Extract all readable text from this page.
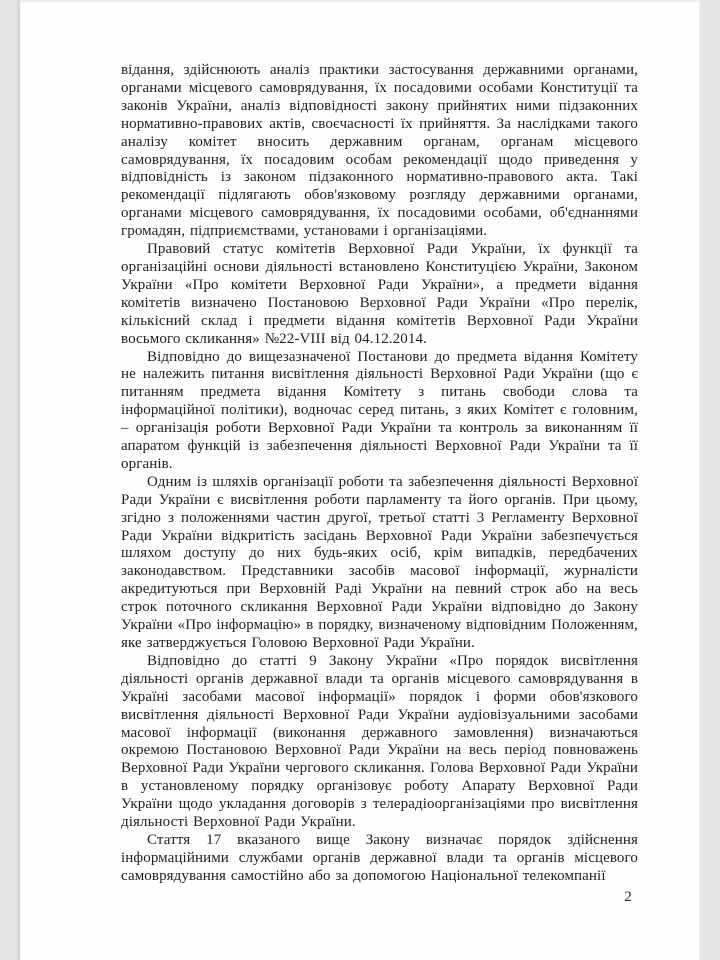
відання, здійснюють аналіз практики застосування державними органами, органами місцевого самоврядування, їх посадовими особами Конституції та законів України, аналіз відповідності закону прийнятих ними підзаконних нормативно-правових актів, своєчасності їх прийняття. За наслідками такого аналізу комітет вносить державним органам, органам місцевого самоврядування, їх посадовим особам рекомендації щодо приведення у відповідність із законом підзаконного нормативно-правового акта. Такі рекомендації підлягають обов'язковому розгляду державними органами, органами місцевого самоврядування, їх посадовими особами, об'єднаннями громадян, підприємствами, установами і організаціями.

Правовий статус комітетів Верховної Ради України, їх функції та організаційні основи діяльності встановлено Конституцією України, Законом України «Про комітети Верховної Ради України», а предмети відання комітетів визначено Постановою Верховної Ради України «Про перелік, кількісний склад і предмети відання комітетів Верховної Ради України восьмого скликання» №22-VIII від 04.12.2014.

Відповідно до вищезазначеної Постанови до предмета відання Комітету не належить питання висвітлення діяльності Верховної Ради України (що є питанням предмета відання Комітету з питань свободи слова та інформаційної політики), водночас серед питань, з яких Комітет є головним, – організація роботи Верховної Ради України та контроль за виконанням її апаратом функцій із забезпечення діяльності Верховної Ради України та її органів.

Одним із шляхів організації роботи та забезпечення діяльності Верховної Ради України є висвітлення роботи парламенту та його органів. При цьому, згідно з положеннями частин другої, третьої статті 3 Регламенту Верховної Ради України відкритість засідань Верховної Ради України забезпечується шляхом доступу до них будь-яких осіб, крім випадків, передбачених законодавством. Представники засобів масової інформації, журналісти акредитуються при Верховній Раді України на певний строк або на весь строк поточного скликання Верховної Ради України відповідно до Закону України «Про інформацію» в порядку, визначеному відповідним Положенням, яке затверджується Головою Верховної Ради України.

Відповідно до статті 9 Закону України «Про порядок висвітлення діяльності органів державної влади та органів місцевого самоврядування в Україні засобами масової інформації» порядок і форми обов'язкового висвітлення діяльності Верховної Ради України аудіовізуальними засобами масової інформації (виконання державного замовлення) визначаються окремою Постановою Верховної Ради України на весь період повноважень Верховної Ради України чергового скликання. Голова Верховної Ради України в установленому порядку організовує роботу Апарату Верховної Ради України щодо укладання договорів з телерадіоорганізаціями про висвітлення діяльності Верховної Ради України.

Стаття 17 вказаного вище Закону визначає порядок здійснення інформаційними службами органів державної влади та органів місцевого самоврядування самостійно або за допомогою Національної телекомпанії

2
